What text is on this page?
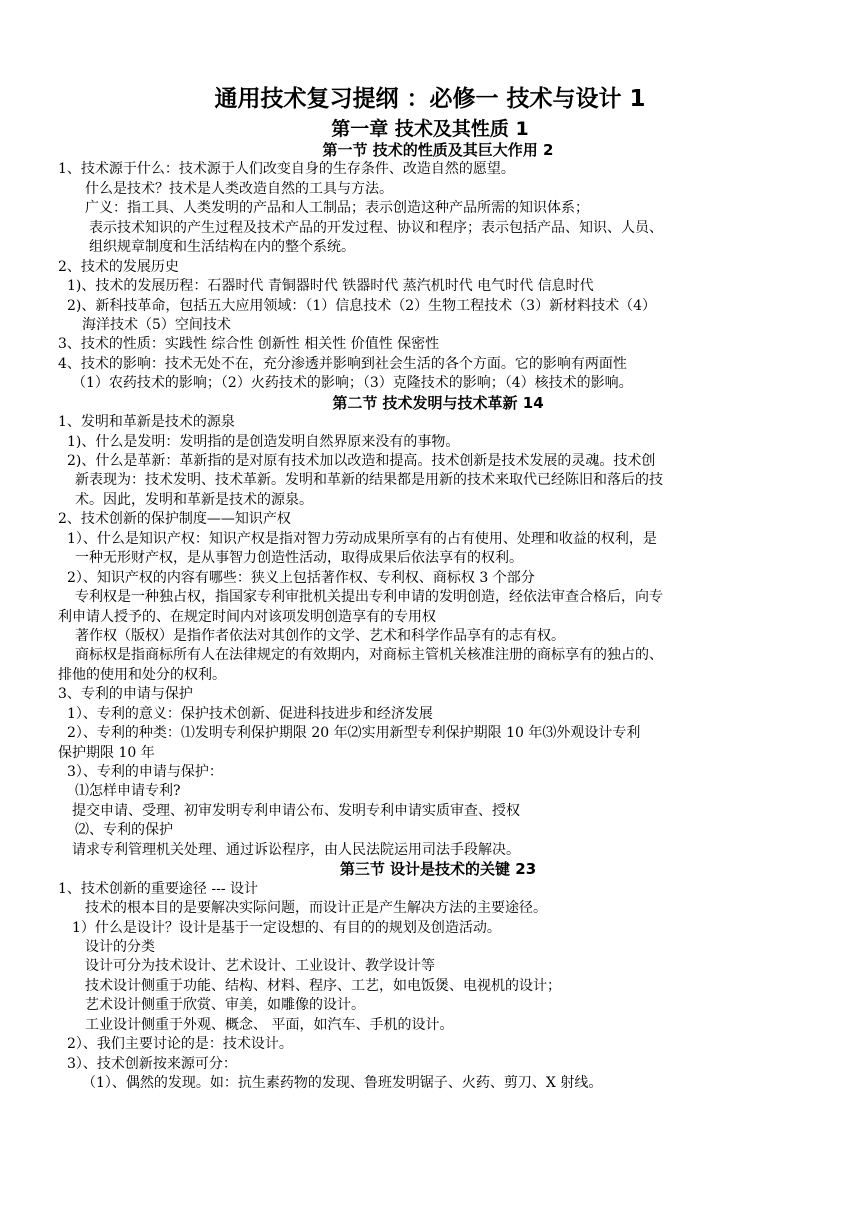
通用技术复习提纲 ：必修一 技术与设计 1
第一章 技术及其性质 1
第一节 技术的性质及其巨大作用 2
1、技术源于什么：技术源于人们改变自身的生存条件、改造自然的愿望。
什么是技术？技术是人类改造自然的工具与方法。
广义：指工具、人类发明的产品和人工制品；表示创造这种产品所需的知识体系；
表示技术知识的产生过程及技术产品的开发过程、协议和程序；表示包括产品、知识、人员、
组织规章制度和生活结构在内的整个系统。
2、技术的发展历史
1)、技术的发展历程：石器时代 青铜器时代 铁器时代 蒸汽机时代 电气时代 信息时代
2)、新科技革命，包括五大应用领域：（1）信息技术（2）生物工程技术（3）新材料技术（4）
海洋技术（5）空间技术
3、技术的性质：实践性 综合性 创新性 相关性 价值性 保密性
4、技术的影响：技术无处不在，充分渗透并影响到社会生活的各个方面。它的影响有两面性
（1）农药技术的影响；（2）火药技术的影响；（3）克隆技术的影响；（4）核技术的影响。
第二节 技术发明与技术革新 14
1、发明和革新是技术的源泉
1)、什么是发明：发明指的是创造发明自然界原来没有的事物。
2)、什么是革新：革新指的是对原有技术加以改造和提高。技术创新是技术发展的灵魂。技术创
新表现为：技术发明、技术革新。发明和革新的结果都是用新的技术来取代已经陈旧和落后的技
术。因此，发明和革新是技术的源泉。
2、技术创新的保护制度——知识产权
1）、什么是知识产权：知识产权是指对智力劳动成果所享有的占有使用、处理和收益的权利，是
一种无形财产权，是从事智力创造性活动，取得成果后依法享有的权利。
2）、知识产权的内容有哪些：狭义上包括著作权、专利权、商标权 3 个部分
专利权是一种独占权，指国家专利审批机关提出专利申请的发明创造，经依法审查合格后，向专
利申请人授予的、在规定时间内对该项发明创造享有的专用权
著作权（版权）是指作者依法对其创作的文学、艺术和科学作品享有的志有权。
商标权是指商标所有人在法律规定的有效期内，对商标主管机关核准注册的商标享有的独占的、
排他的使用和处分的权利。
3、专利的申请与保护
1）、专利的意义：保护技术创新、促进科技进步和经济发展
2）、专利的种类：⑴发明专利保护期限 20 年⑵实用新型专利保护期限 10 年⑶外观设计专利
保护期限 10 年
3）、专利的申请与保护：
⑴怎样申请专利?
提交申请、受理、初审发明专利申请公布、发明专利申请实质审查、授权
⑵、专利的保护
请求专利管理机关处理、通过诉讼程序，由人民法院运用司法手段解决。
第三节 设计是技术的关键 23
1、技术创新的重要途径 --- 设计
技术的根本目的是要解决实际问题，而设计正是产生解决方法的主要途径。
1）什么是设计？设计是基于一定设想的、有目的的规划及创造活动。
设计的分类
设计可分为技术设计、艺术设计、工业设计、教学设计等
技术设计侧重于功能、结构、材料、程序、工艺，如电饭煲、电视机的设计；
艺术设计侧重于欣赏、审美，如雕像的设计。
工业设计侧重于外观、概念、 平面，如汽车、手机的设计。
2）、我们主要讨论的是：技术设计。
3）、技术创新按来源可分：
（1）、偶然的发现。如：抗生素药物的发现、鲁班发明锯子、火药、剪刀、X 射线。
